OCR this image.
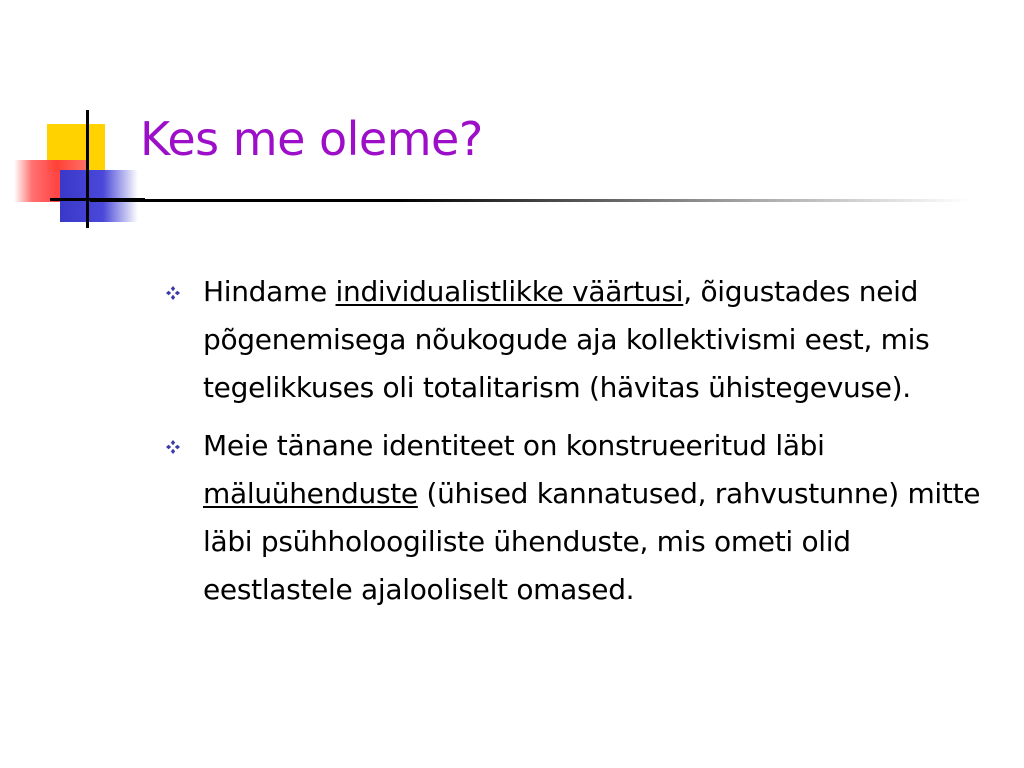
Kes me oleme?
Hindame individualistlikke väärtusi, õigustades neid põgenemisega nõukogude aja kollektivismi eest, mis tegelikkuses oli totalitarism (hävitas ühistegevuse).
Meie tänane identiteet on konstrueeritud läbi mäluühenduste (ühised kannatused, rahvustunne) mitte läbi psühholoogiliste ühenduste, mis ometi olid eestlastele ajalooliselt omased.
